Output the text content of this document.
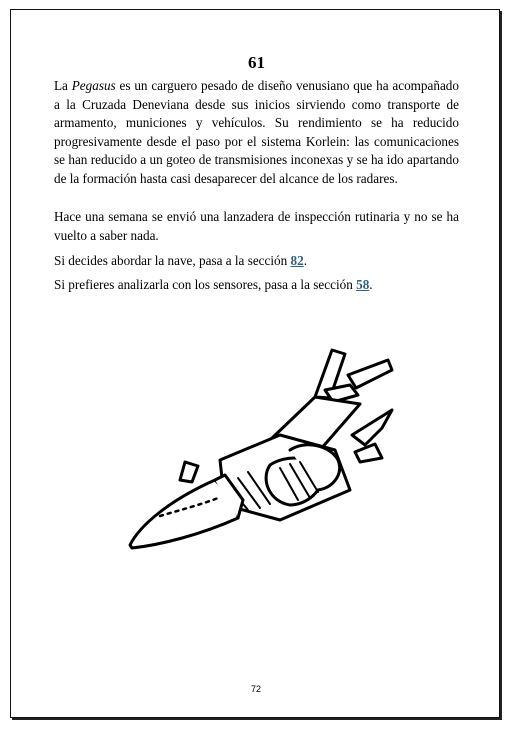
61
La Pegasus es un carguero pesado de diseño venusiano que ha acompañado a la Cruzada Deneviana desde sus inicios sirviendo como transporte de armamento, municiones y vehículos. Su rendimiento se ha reducido progresivamente desde el paso por el sistema Korlein: las comunicaciones se han reducido a un goteo de transmisiones inconexas y se ha ido apartando de la formación hasta casi desaparecer del alcance de los radares.
Hace una semana se envió una lanzadera de inspección rutinaria y no se ha vuelto a saber nada.
Si decides abordar la nave, pasa a la sección 82.
Si prefieres analizarla con los sensores, pasa a la sección 58.
72
